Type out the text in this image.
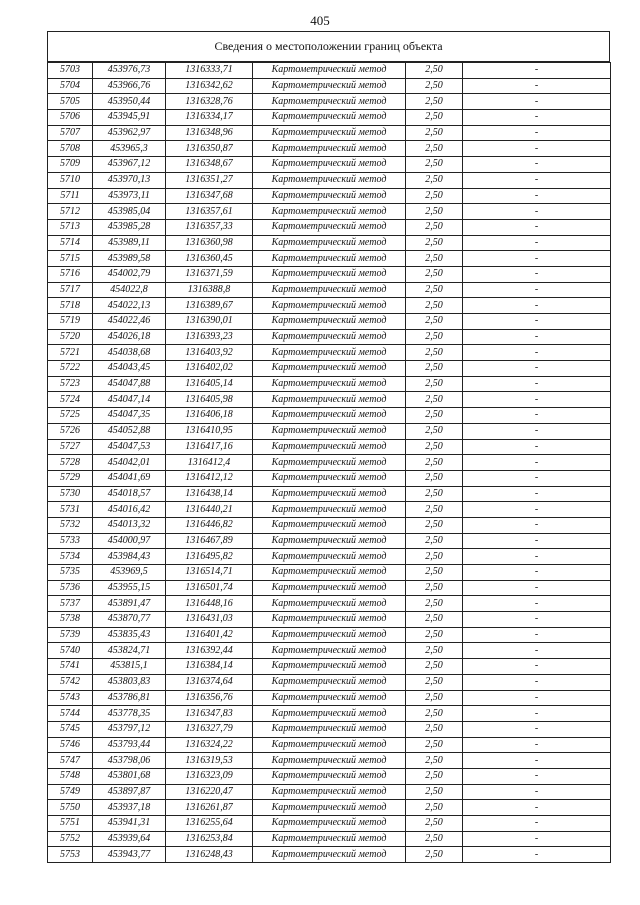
405
Сведения о местоположении границ объекта
5703	453976,73	1316333,71	Картометрический метод	2,50	-
5704	453966,76	1316342,62	Картометрический метод	2,50	-
5705	453950,44	1316328,76	Картометрический метод	2,50	-
5706	453945,91	1316334,17	Картометрический метод	2,50	-
5707	453962,97	1316348,96	Картометрический метод	2,50	-
5708	453965,3	1316350,87	Картометрический метод	2,50	-
5709	453967,12	1316348,67	Картометрический метод	2,50	-
5710	453970,13	1316351,27	Картометрический метод	2,50	-
5711	453973,11	1316347,68	Картометрический метод	2,50	-
5712	453985,04	1316357,61	Картометрический метод	2,50	-
5713	453985,28	1316357,33	Картометрический метод	2,50	-
5714	453989,11	1316360,98	Картометрический метод	2,50	-
5715	453989,58	1316360,45	Картометрический метод	2,50	-
5716	454002,79	1316371,59	Картометрический метод	2,50	-
5717	454022,8	1316388,8	Картометрический метод	2,50	-
5718	454022,13	1316389,67	Картометрический метод	2,50	-
5719	454022,46	1316390,01	Картометрический метод	2,50	-
5720	454026,18	1316393,23	Картометрический метод	2,50	-
5721	454038,68	1316403,92	Картометрический метод	2,50	-
5722	454043,45	1316402,02	Картометрический метод	2,50	-
5723	454047,88	1316405,14	Картометрический метод	2,50	-
5724	454047,14	1316405,98	Картометрический метод	2,50	-
5725	454047,35	1316406,18	Картометрический метод	2,50	-
5726	454052,88	1316410,95	Картометрический метод	2,50	-
5727	454047,53	1316417,16	Картометрический метод	2,50	-
5728	454042,01	1316412,4	Картометрический метод	2,50	-
5729	454041,69	1316412,12	Картометрический метод	2,50	-
5730	454018,57	1316438,14	Картометрический метод	2,50	-
5731	454016,42	1316440,21	Картометрический метод	2,50	-
5732	454013,32	1316446,82	Картометрический метод	2,50	-
5733	454000,97	1316467,89	Картометрический метод	2,50	-
5734	453984,43	1316495,82	Картометрический метод	2,50	-
5735	453969,5	1316514,71	Картометрический метод	2,50	-
5736	453955,15	1316501,74	Картометрический метод	2,50	-
5737	453891,47	1316448,16	Картометрический метод	2,50	-
5738	453870,77	1316431,03	Картометрический метод	2,50	-
5739	453835,43	1316401,42	Картометрический метод	2,50	-
5740	453824,71	1316392,44	Картометрический метод	2,50	-
5741	453815,1	1316384,14	Картометрический метод	2,50	-
5742	453803,83	1316374,64	Картометрический метод	2,50	-
5743	453786,81	1316356,76	Картометрический метод	2,50	-
5744	453778,35	1316347,83	Картометрический метод	2,50	-
5745	453797,12	1316327,79	Картометрический метод	2,50	-
5746	453793,44	1316324,22	Картометрический метод	2,50	-
5747	453798,06	1316319,53	Картометрический метод	2,50	-
5748	453801,68	1316323,09	Картометрический метод	2,50	-
5749	453897,87	1316220,47	Картометрический метод	2,50	-
5750	453937,18	1316261,87	Картометрический метод	2,50	-
5751	453941,31	1316255,64	Картометрический метод	2,50	-
5752	453939,64	1316253,84	Картометрический метод	2,50	-
5753	453943,77	1316248,43	Картометрический метод	2,50	-
